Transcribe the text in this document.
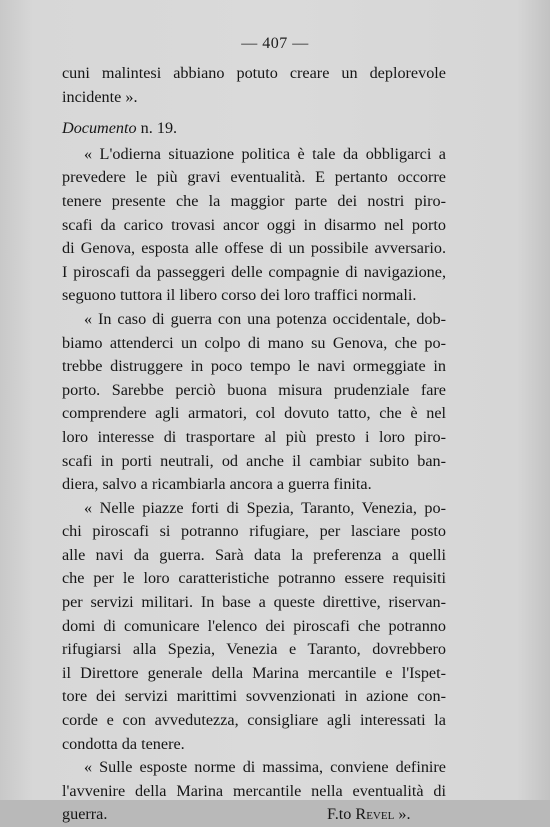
— 407 —
cuni malintesi abbiano potuto creare un deplorevole
incidente ».
Documento n. 19.
« L'odierna situazione politica è tale da obbligarci a
prevedere le più gravi eventualità. E pertanto occorre
tenere presente che la maggior parte dei nostri piro-
scafi da carico trovasi ancor oggi in disarmo nel porto
di Genova, esposta alle offese di un possibile avversario.
I piroscafi da passeggeri delle compagnie di navigazione,
seguono tuttora il libero corso dei loro traffici normali.
« In caso di guerra con una potenza occidentale, dob-
biamo attenderci un colpo di mano su Genova, che po-
trebbe distruggere in poco tempo le navi ormeggiate in
porto. Sarebbe perciò buona misura prudenziale fare
comprendere agli armatori, col dovuto tatto, che è nel
loro interesse di trasportare al più presto i loro piro-
scafi in porti neutrali, od anche il cambiar subito ban-
diera, salvo a ricambiarla ancora a guerra finita.
« Nelle piazze forti di Spezia, Taranto, Venezia, po-
chi piroscafi si potranno rifugiare, per lasciare posto
alle navi da guerra. Sarà data la preferenza a quelli
che per le loro caratteristiche potranno essere requisiti
per servizi militari. In base a queste direttive, riservan-
domi di comunicare l'elenco dei piroscafi che potranno
rifugiarsi alla Spezia, Venezia e Taranto, dovrebbero
il Direttore generale della Marina mercantile e l'Ispet-
tore dei servizi marittimi sovvenzionati in azione con-
corde e con avvedutezza, consigliare agli interessati la
condotta da tenere.
« Sulle esposte norme di massima, conviene definire
l'avvenire della Marina mercantile nella eventualità di
guerra.	F.to Revel ».
